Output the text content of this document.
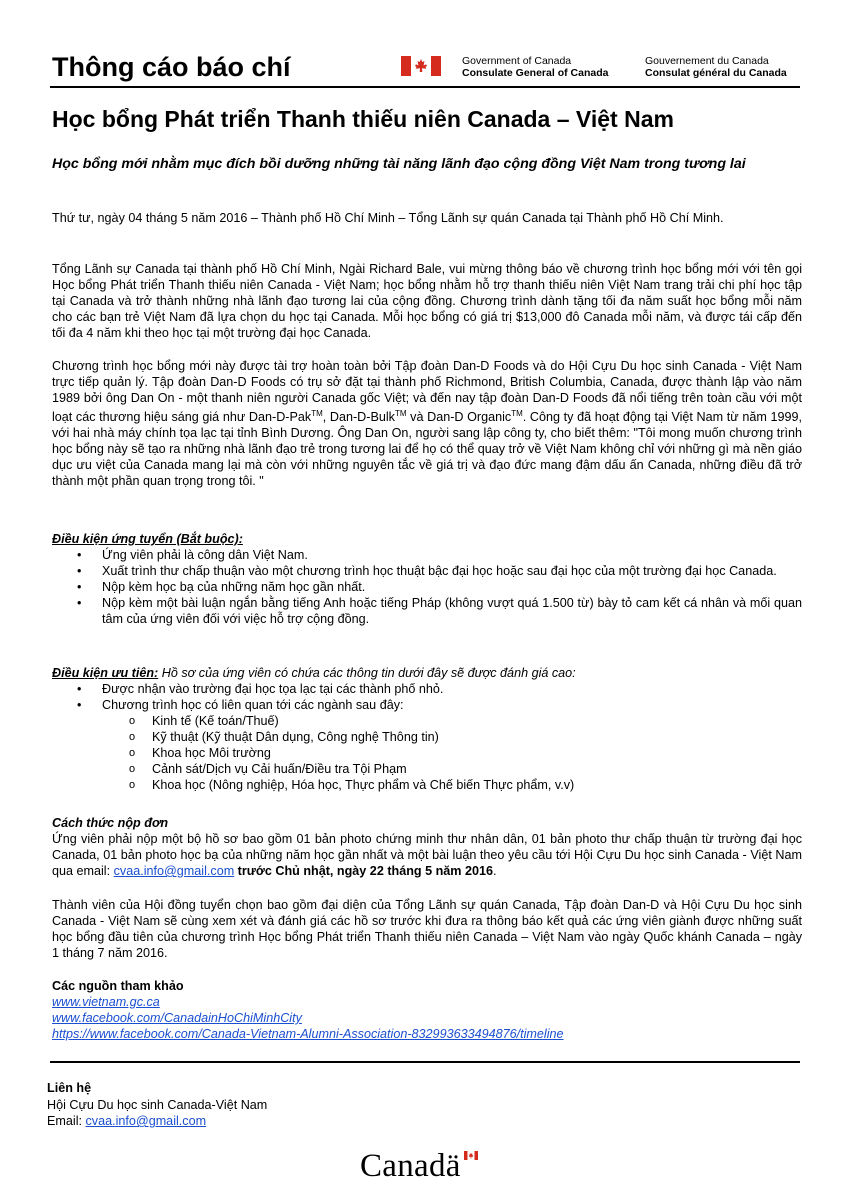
Thông cáo báo chí	Government of Canada
Consulate General of Canada
Gouvernement du Canada
Consulat général du Canada
Học bổng Phát triển Thanh thiếu niên Canada – Việt Nam
Học bổng mới nhằm mục đích bồi dưỡng những tài năng lãnh đạo cộng đồng Việt Nam trong tương lai
Thứ tư, ngày 04 tháng 5 năm 2016 – Thành phố Hồ Chí Minh – Tổng Lãnh sự quán Canada tại Thành phố Hồ Chí Minh.
Tổng Lãnh sự Canada tại thành phố Hồ Chí Minh, Ngài Richard Bale, vui mừng thông báo về chương trình học bổng mới với tên gọi Học bổng Phát triển Thanh thiếu niên Canada - Việt Nam; học bổng nhằm hỗ trợ thanh thiếu niên Việt Nam trang trải chi phí học tập tại Canada và trở thành những nhà lãnh đạo tương lai của cộng đồng. Chương trình dành tặng tối đa năm suất học bổng mỗi năm cho các bạn trẻ Việt Nam đã lựa chọn du học tại Canada. Mỗi học bổng có giá trị $13,000 đô Canada mỗi năm, và được tái cấp đến tối đa 4 năm khi theo học tại một trường đại học Canada.
Chương trình học bổng mới này được tài trợ hoàn toàn bởi Tập đoàn Dan-D Foods và do Hội Cựu Du học sinh Canada - Việt Nam trực tiếp quản lý. Tập đoàn Dan-D Foods có trụ sở đặt tại thành phố Richmond, British Columbia, Canada, được thành lập vào năm 1989 bởi ông Dan On - một thanh niên người Canada gốc Việt; và đến nay tập đoàn Dan-D Foods đã nổi tiếng trên toàn cầu với một loạt các thương hiệu sáng giá như Dan-D-Pak™, Dan-D-Bulk™ và Dan-D Organic™. Công ty đã hoạt động tại Việt Nam từ năm 1999, với hai nhà máy chính tọa lạc tại tỉnh Bình Dương. Ông Dan On, người sang lập công ty, cho biết thêm: "Tôi mong muốn chương trình học bổng này sẽ tạo ra những nhà lãnh đạo trẻ trong tương lai để họ có thể quay trở về Việt Nam không chỉ với những gì mà nền giáo dục ưu việt của Canada mang lại mà còn với những nguyên tắc về giá trị và đạo đức mang đậm dấu ấn Canada, những điều đã trở thành một phần quan trọng trong tôi. "
Điều kiện ứng tuyển (Bắt buộc):
• Ứng viên phải là công dân Việt Nam.
• Xuất trình thư chấp thuận vào một chương trình học thuật bậc đại học hoặc sau đại học của một trường đại học Canada.
• Nộp kèm học bạ của những năm học gần nhất.
• Nộp kèm một bài luận ngắn bằng tiếng Anh hoặc tiếng Pháp (không vượt quá 1.500 từ) bày tỏ cam kết cá nhân và mối quan tâm của ứng viên đối với việc hỗ trợ cộng đồng.
Điều kiện ưu tiên: Hồ sơ của ứng viên có chứa các thông tin dưới đây sẽ được đánh giá cao:
• Được nhận vào trường đại học tọa lạc tại các thành phố nhỏ.
• Chương trình học có liên quan tới các ngành sau đây:
o Kinh tế (Kế toán/Thuế)
o Kỹ thuật (Kỹ thuật Dân dụng, Công nghệ Thông tin)
o Khoa học Môi trường
o Cảnh sát/Dịch vụ Cải huấn/Điều tra Tội Phạm
o Khoa học (Nông nghiệp, Hóa học, Thực phẩm và Chế biến Thực phẩm, v.v)
Cách thức nộp đơn
Ứng viên phải nộp một bộ hồ sơ bao gồm 01 bản photo chứng minh thư nhân dân, 01 bản photo thư chấp thuận từ trường đại học Canada, 01 bản photo học bạ của những năm học gần nhất và một bài luận theo yêu cầu tới Hội Cựu Du học sinh Canada - Việt Nam qua email: cvaa.info@gmail.com trước Chủ nhật, ngày 22 tháng 5 năm 2016.
Thành viên của Hội đồng tuyển chọn bao gồm đại diện của Tổng Lãnh sự quán Canada, Tập đoàn Dan-D và Hội Cựu Du học sinh Canada - Việt Nam sẽ cùng xem xét và đánh giá các hồ sơ trước khi đưa ra thông báo kết quả các ứng viên giành được những suất học bổng đầu tiên của chương trình Học bổng Phát triển Thanh thiếu niên Canada – Việt Nam vào ngày Quốc khánh Canada – ngày 1 tháng 7 năm 2016.
Các nguồn tham khảo
www.vietnam.gc.ca
www.facebook.com/CanadainHoChiMinhCity
https://www.facebook.com/Canada-Vietnam-Alumni-Association-832993633494876/timeline
Liên hệ
Hội Cựu Du học sinh Canada-Việt Nam
Email: cvaa.info@gmail.com
Canadä
